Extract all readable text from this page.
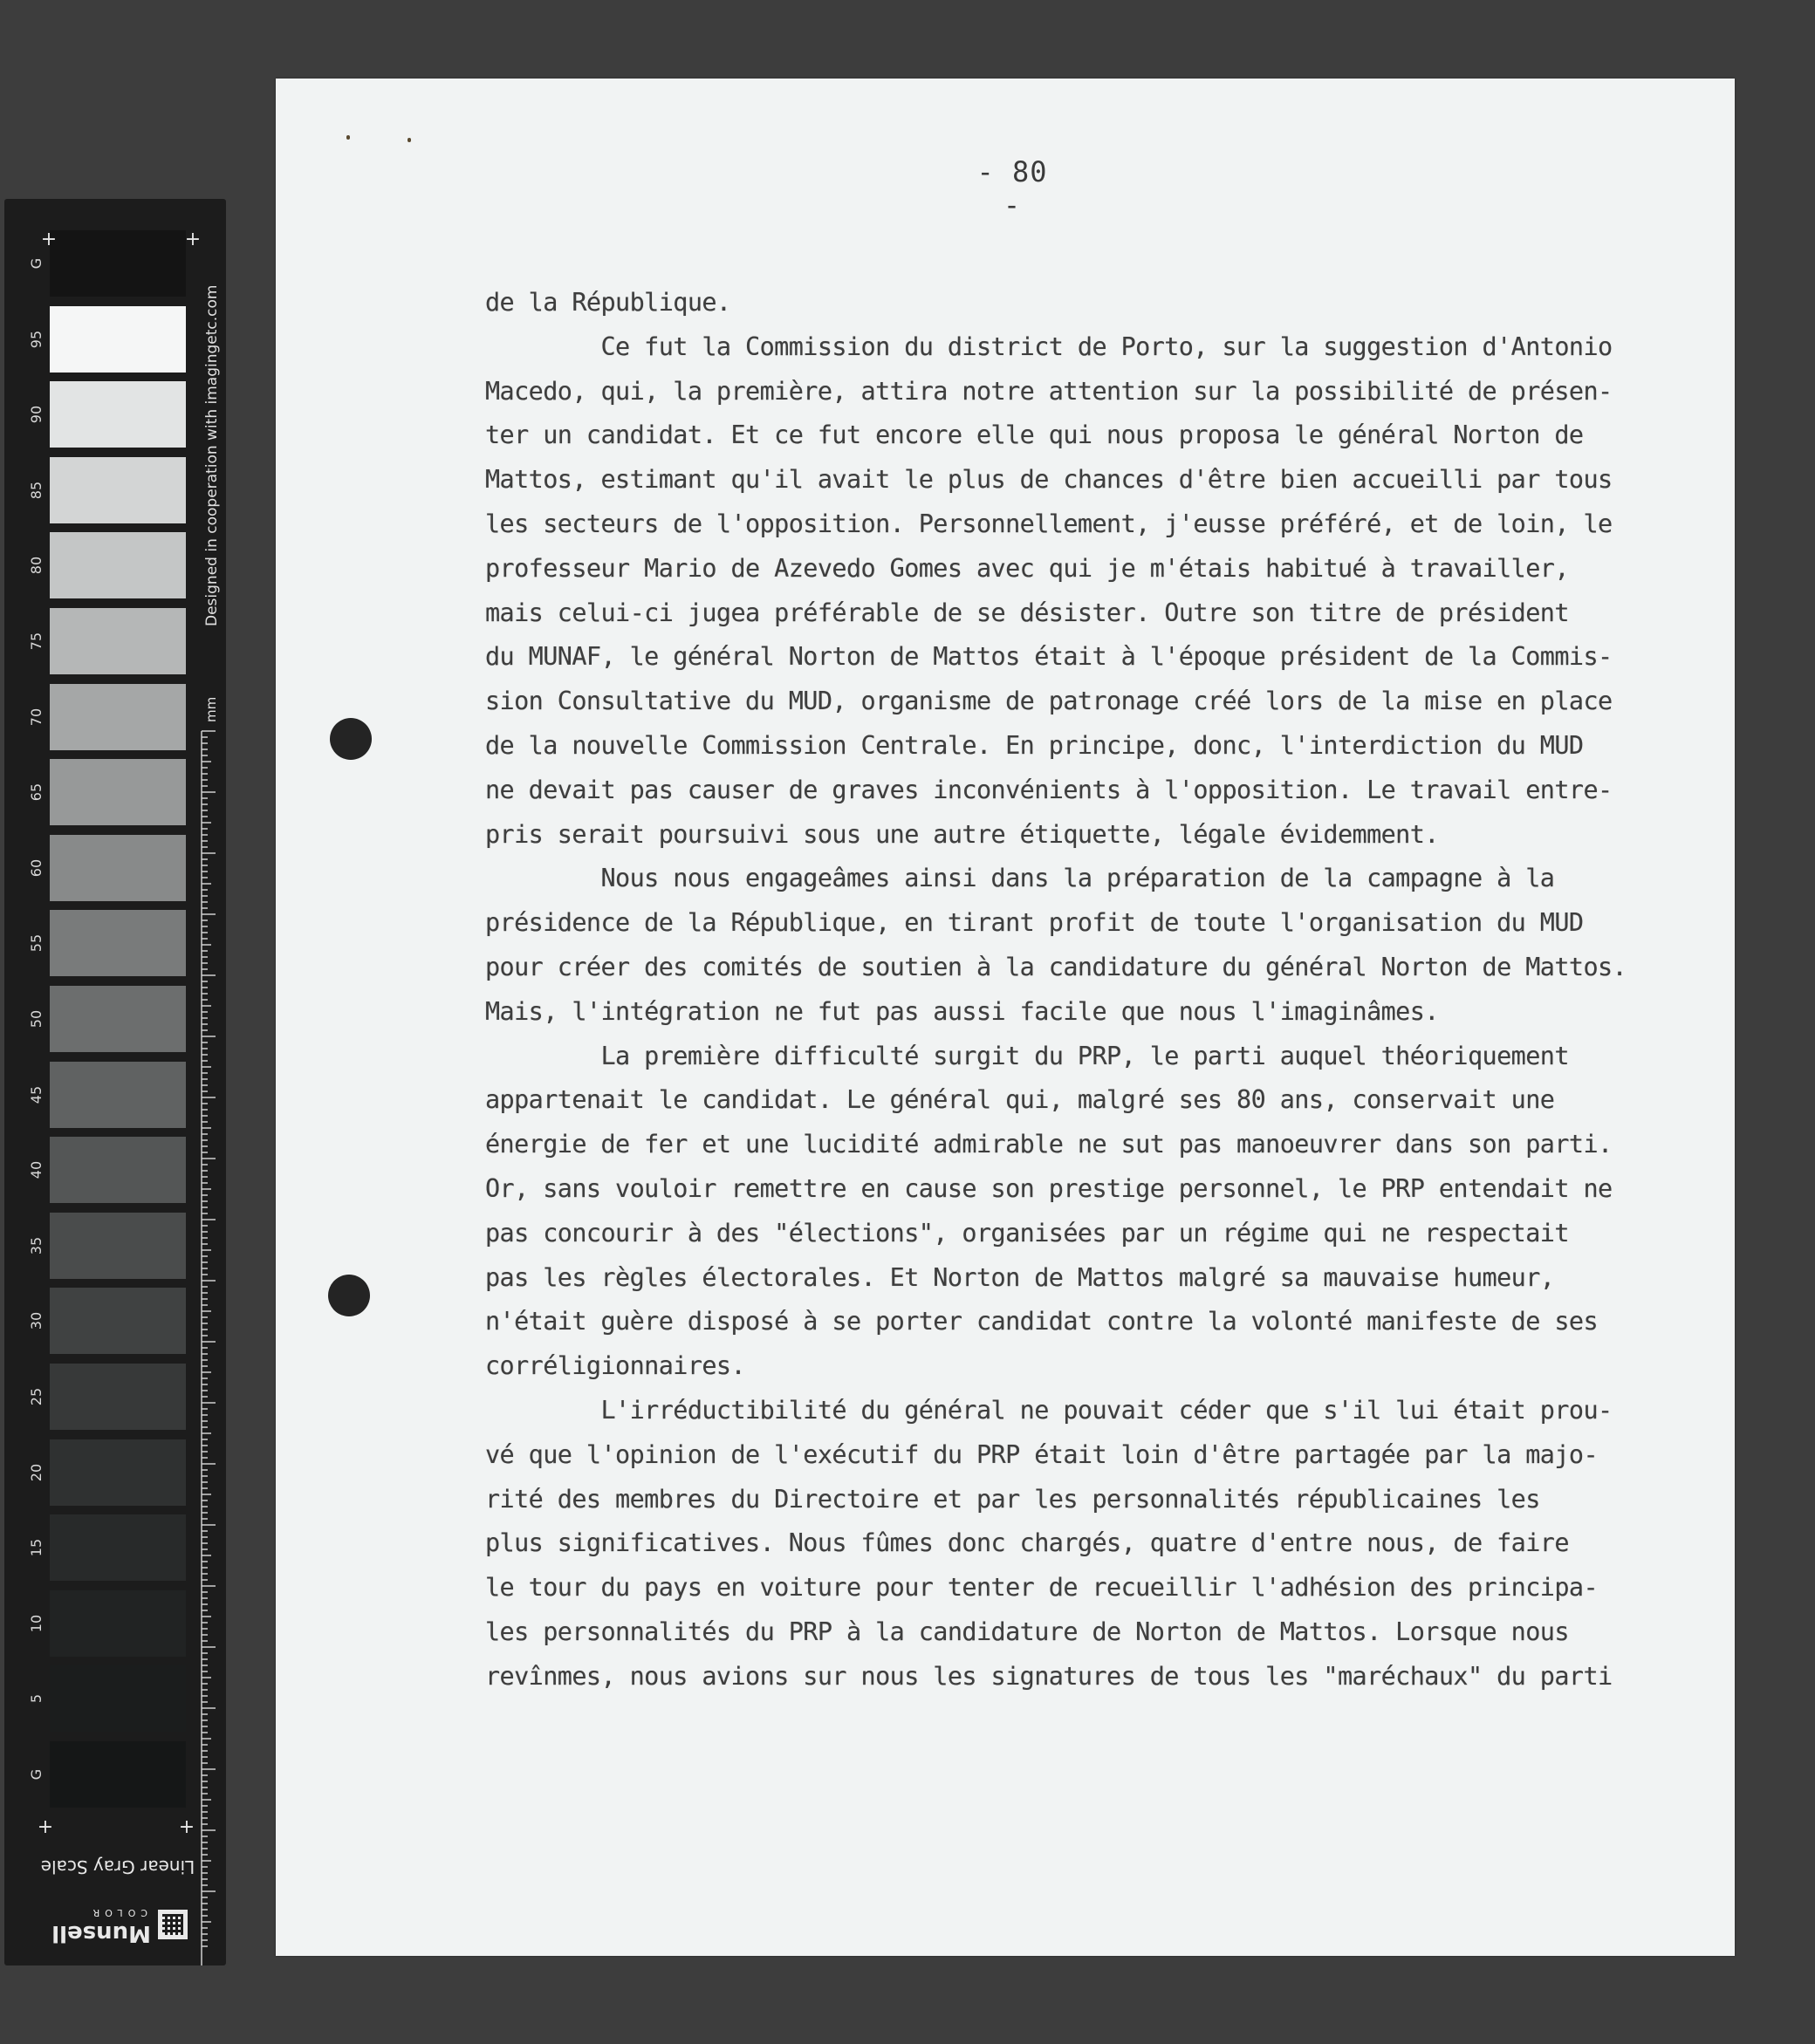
G
95
90
85
80
75
70
65
60
55
50
45
40
35
30
25
20
15
10
5
G
+	+
+	+
Designed in cooperation with imagingetc.com
mm
Linear Gray Scale
Munsell
COLOR
- 80 -
de la République.
Ce fut la Commission du district de Porto, sur la suggestion d'Antonio
Macedo, qui, la première, attira notre attention sur la possibilité de présen-
ter un candidat. Et ce fut encore elle qui nous proposa le général Norton de
Mattos, estimant qu'il avait le plus de chances d'être bien accueilli par tous
les secteurs de l'opposition. Personnellement, j'eusse préféré, et de loin, le
professeur Mario de Azevedo Gomes avec qui je m'étais habitué à travailler,
mais celui-ci jugea préférable de se désister. Outre son titre de président
du MUNAF, le général Norton de Mattos était à l'époque président de la Commis-
sion Consultative du MUD, organisme de patronage créé lors de la mise en place
de la nouvelle Commission Centrale. En principe, donc, l'interdiction du MUD
ne devait pas causer de graves inconvénients à l'opposition. Le travail entre-
pris serait poursuivi sous une autre étiquette, légale évidemment.
Nous nous engageâmes ainsi dans la préparation de la campagne à la
présidence de la République, en tirant profit de toute l'organisation du MUD
pour créer des comités de soutien à la candidature du général Norton de Mattos.
Mais, l'intégration ne fut pas aussi facile que nous l'imaginâmes.
La première difficulté surgit du PRP, le parti auquel théoriquement
appartenait le candidat. Le général qui, malgré ses 80 ans, conservait une
énergie de fer et une lucidité admirable ne sut pas manoeuvrer dans son parti.
Or, sans vouloir remettre en cause son prestige personnel, le PRP entendait ne
pas concourir à des "élections", organisées par un régime qui ne respectait
pas les règles électorales. Et Norton de Mattos malgré sa mauvaise humeur,
n'était guère disposé à se porter candidat contre la volonté manifeste de ses
corréligionnaires.
L'irréductibilité du général ne pouvait céder que s'il lui était prou-
vé que l'opinion de l'exécutif du PRP était loin d'être partagée par la majo-
rité des membres du Directoire et par les personnalités républicaines les
plus significatives. Nous fûmes donc chargés, quatre d'entre nous, de faire
le tour du pays en voiture pour tenter de recueillir l'adhésion des principa-
les personnalités du PRP à la candidature de Norton de Mattos. Lorsque nous
revînmes, nous avions sur nous les signatures de tous les "maréchaux" du parti
